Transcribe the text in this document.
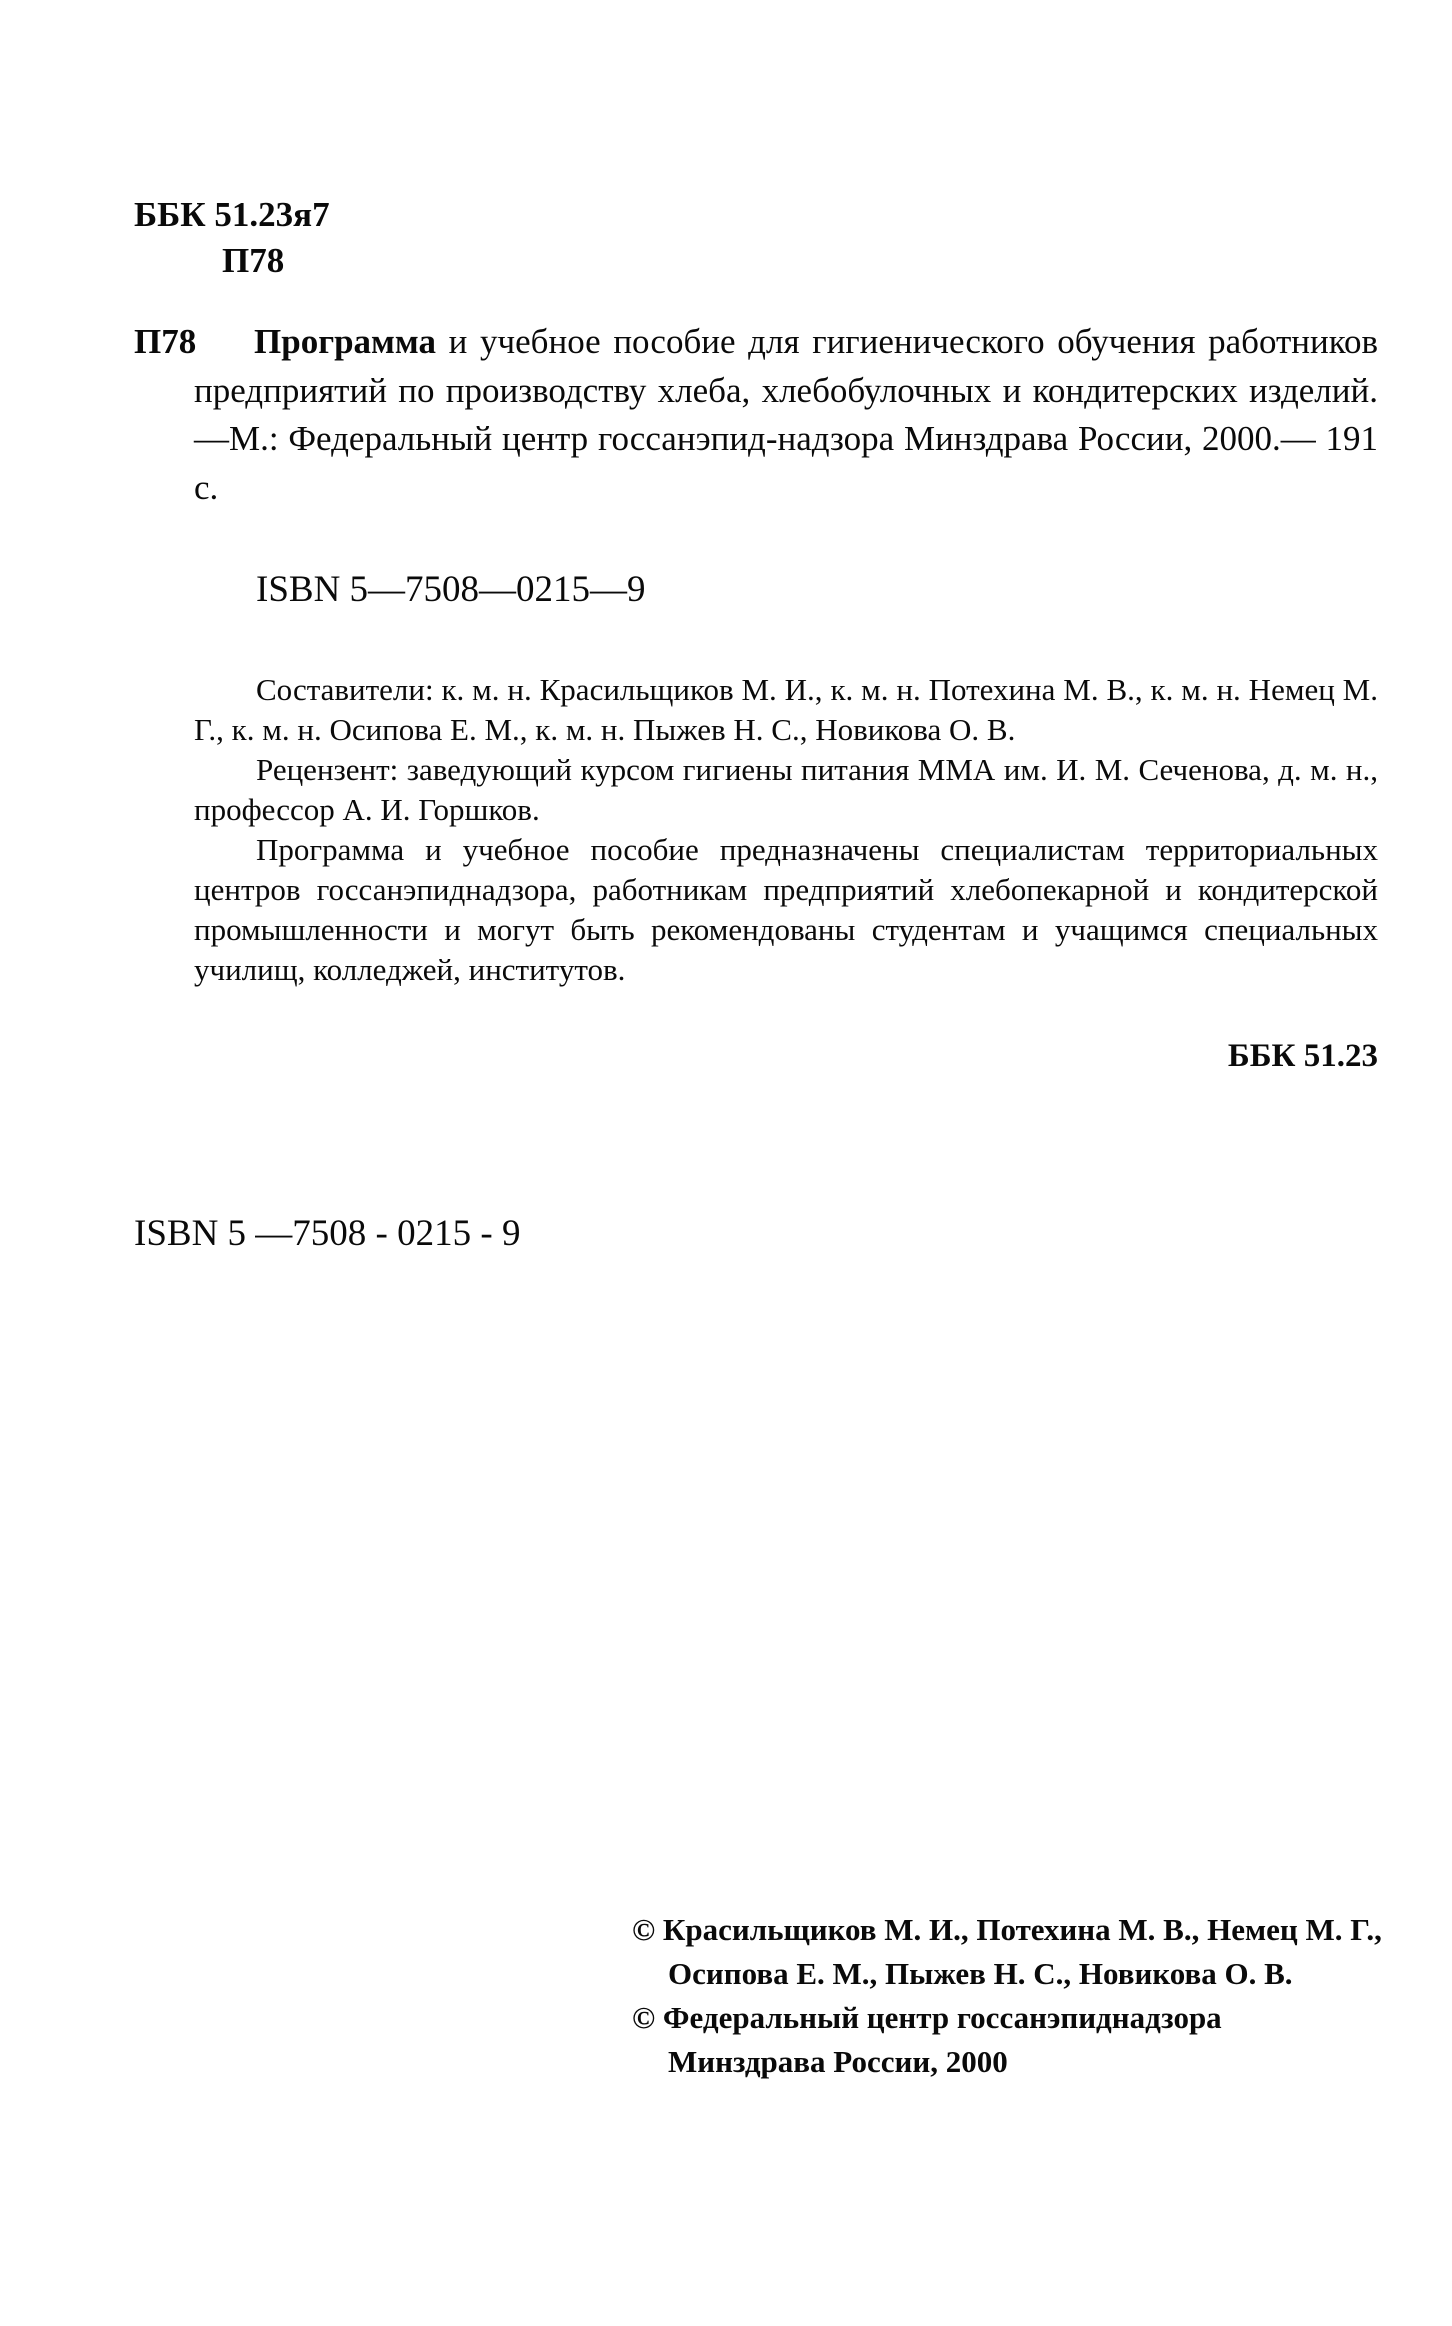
ББК 51.23я7
П78
П78	Программа и учебное пособие для гигиенического обучения работников предприятий по производству хлеба, хлебобулочных и кондитерских изделий.—М.: Федеральный центр госсанэпид-надзора Минздрава России, 2000.— 191 с.
ISBN 5—7508—0215—9

Составители: к. м. н. Красильщиков М. И., к. м. н. Потехина М. В., к. м. н. Немец М. Г., к. м. н. Осипова Е. М., к. м. н. Пыжев Н. С., Новикова О. В.

Рецензент: заведующий курсом гигиены питания ММА им. И. М. Сеченова, д. м. н., профессор А. И. Горшков.

Программа и учебное пособие предназначены специалистам территориальных центров госсанэпиднадзора, работникам предприятий хлебопекарной и кондитерской промышленности и могут быть рекомендованы студентам и учащимся специальных училищ, колледжей, институтов.

ББК 51.23
ISBN 5 —7508 - 0215 - 9
© Красильщиков М. И., Потехина М. В., Немец М. Г.,
Осипова Е. М., Пыжев Н. С., Новикова О. В.
© Федеральный центр госсанэпиднадзора
Минздрава России, 2000
